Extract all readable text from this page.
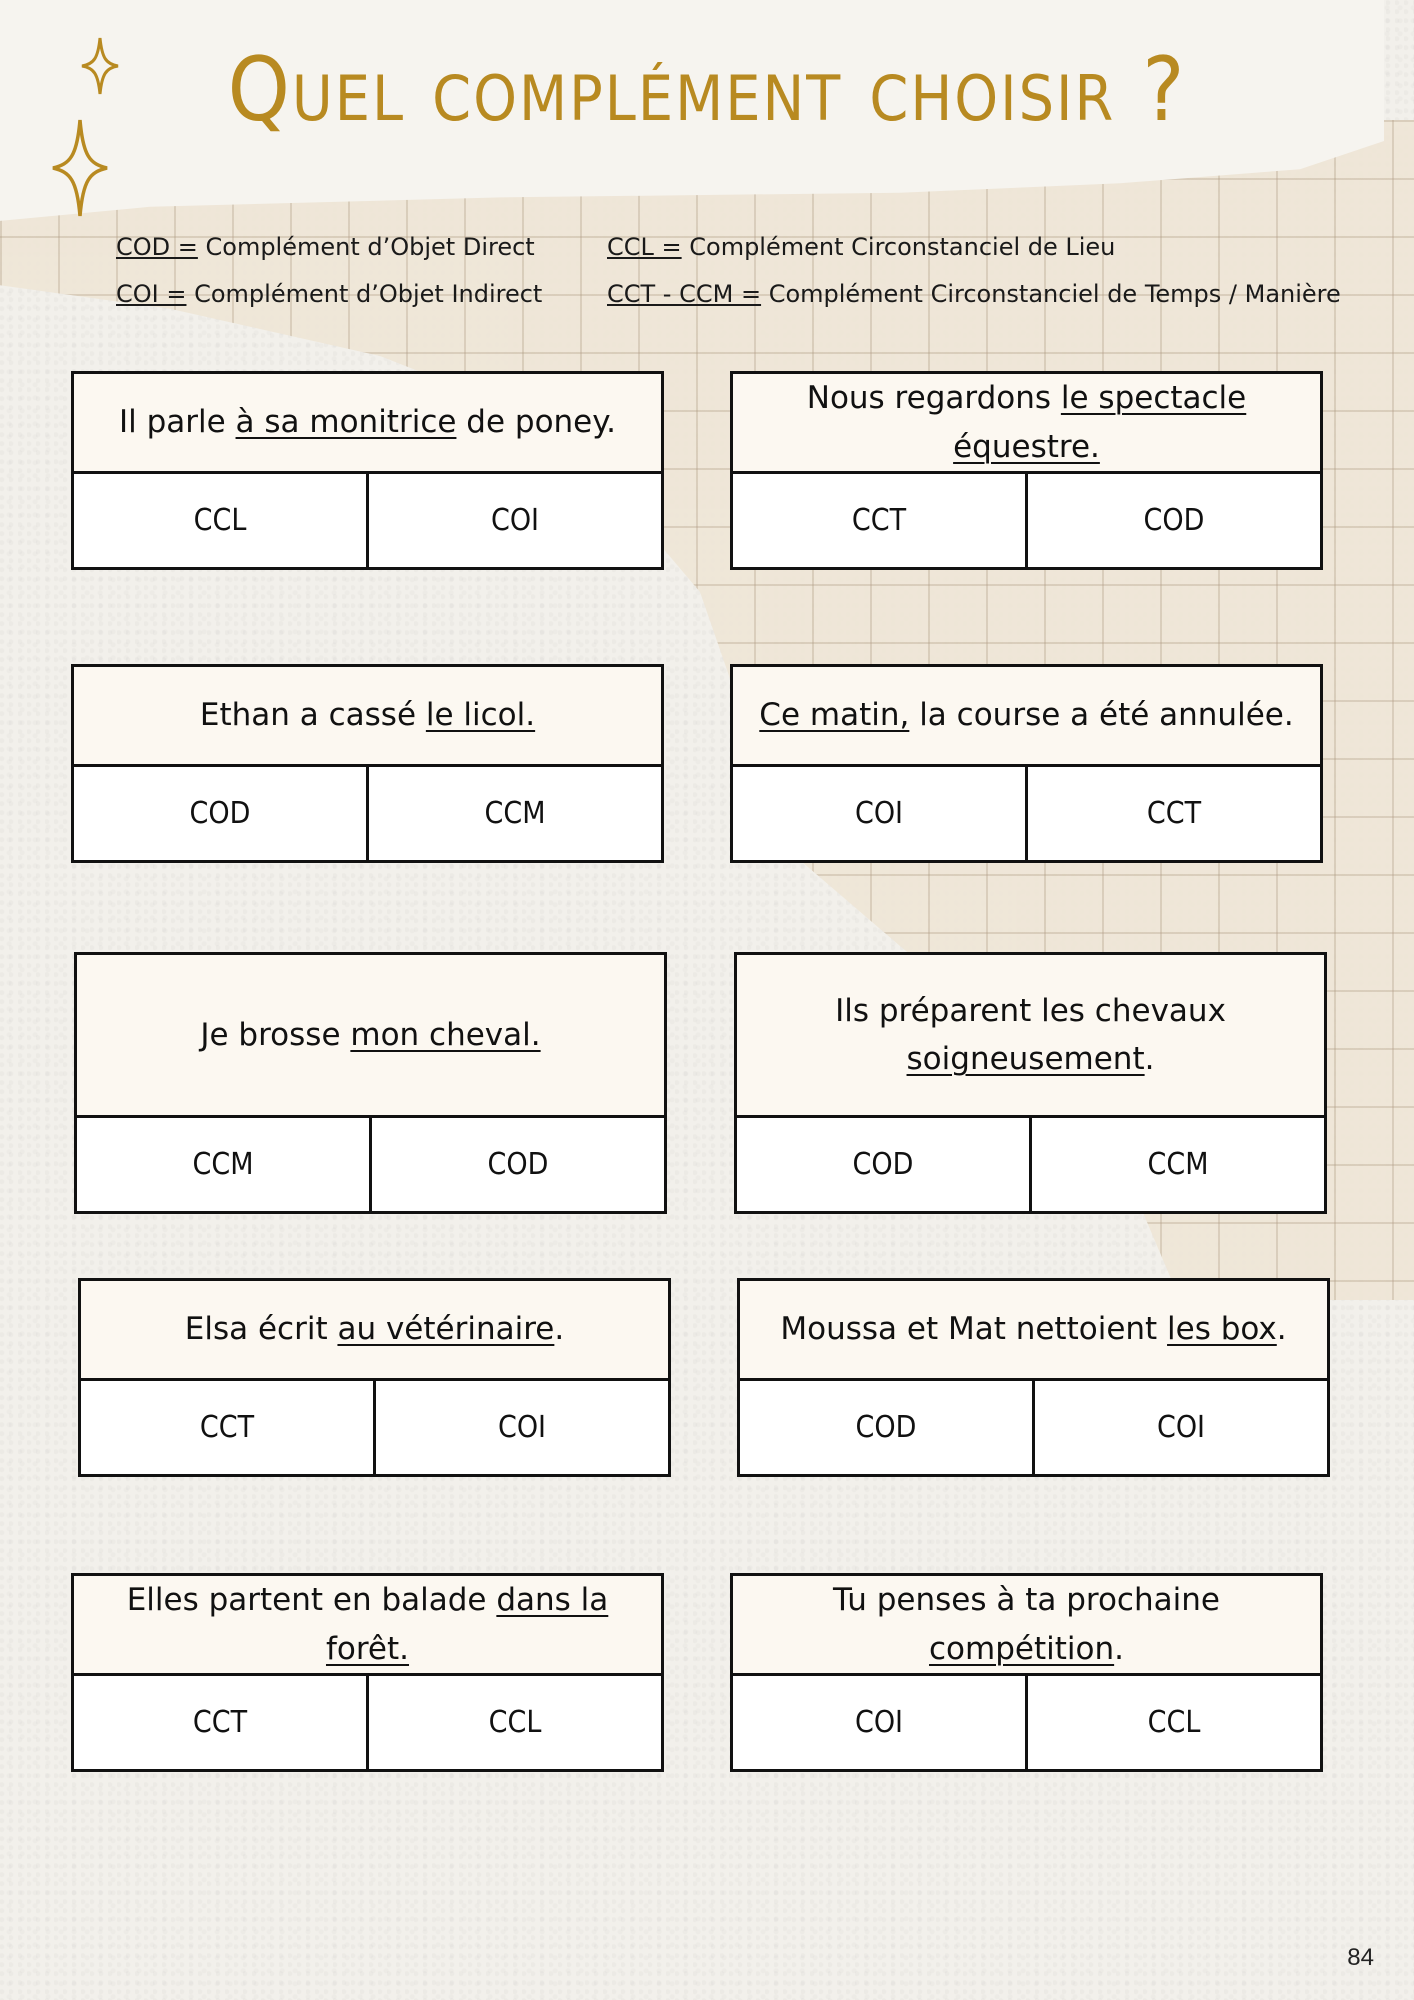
Quel complément choisir ?
COD = Complément d’Objet Direct
COI = Complément d’Objet Indirect
CCL = Complément Circonstanciel de Lieu
CCT - CCM = Complément Circonstanciel de Temps / Manière
Il parle à sa monitrice de poney.
CCL	COI
Nous regardons le spectacle équestre.
CCT	COD
Ethan a cassé le licol.
COD	CCM
Ce matin, la course a été annulée.
COI	CCT
Je brosse mon cheval.
CCM	COD
Ils préparent les chevaux soigneusement.
COD	CCM
Elsa écrit au vétérinaire.
CCT	COI
Moussa et Mat nettoient les box.
COD	COI
Elles partent en balade dans la forêt.
CCT	CCL
Tu penses à ta prochaine compétition.
COI	CCL
84
